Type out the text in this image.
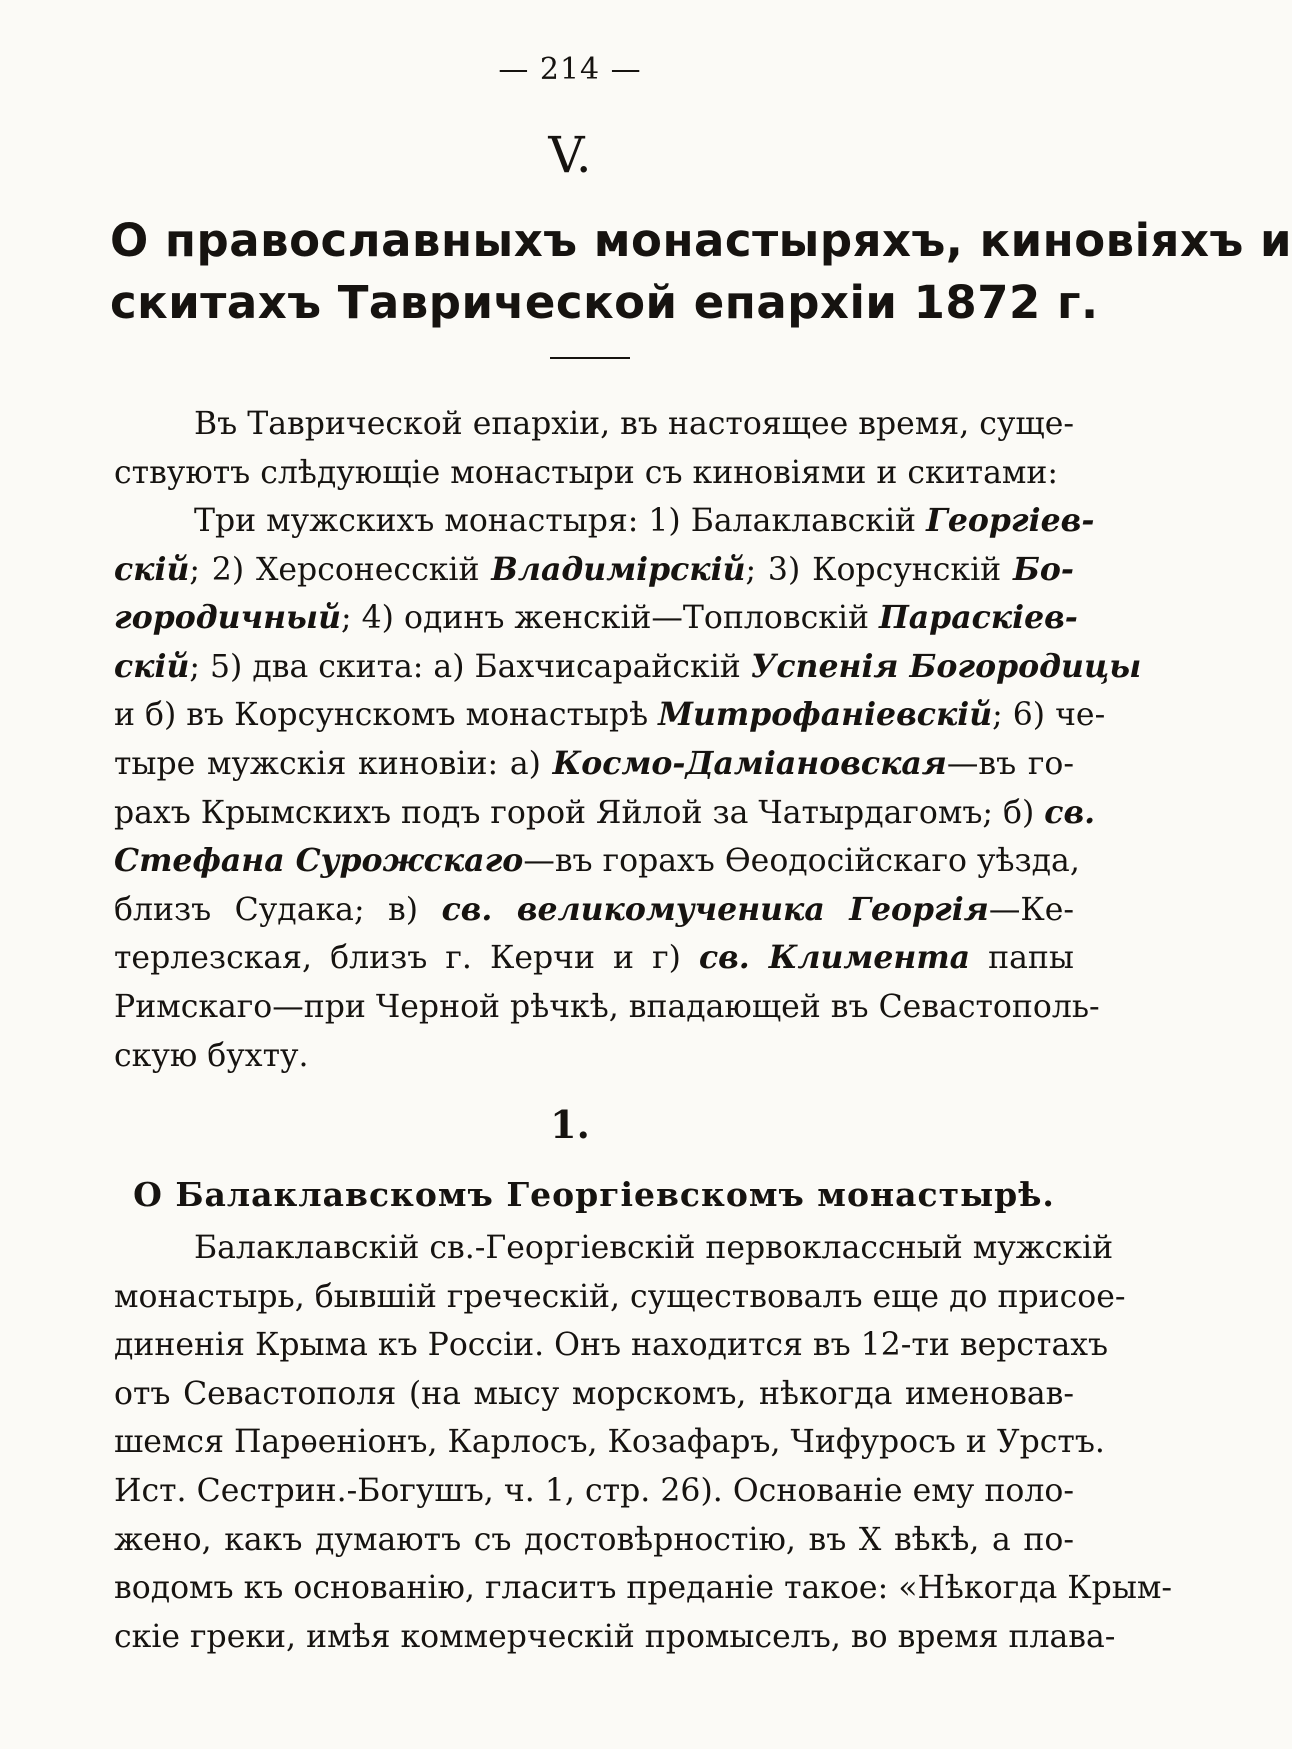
— 214 —
V.
О православныхъ монастыряхъ, киновіяхъ и
скитахъ Таврической епархіи 1872 г.
Въ Таврической епархіи, въ настоящее время, суще-
ствуютъ слѣдующіе монастыри съ киновіями и скитами:
Три мужскихъ монастыря: 1) Балаклавскій Георгіев-
скій; 2) Херсонесскій Владимірскій; 3) Корсунскій Бо-
городичный; 4) одинъ женскій—Топловскій Параскіев-
скій; 5) два скита: а) Бахчисарайскій Успенія Богородицы
и б) въ Корсунскомъ монастырѣ Митрофаніевскій; 6) че-
тыре мужскія киновіи: а) Космо-Даміановская—въ го-
рахъ Крымскихъ подъ горой Яйлой за Чатырдагомъ; б) св.
Стефана Сурожскаго—въ горахъ Ѳеодосійскаго уѣзда,
близъ Судака; в) св. великомученика Георгія—Ке-
терлезская, близъ г. Керчи и г) св. Климента папы
Римскаго—при Черной рѣчкѣ, впадающей въ Севастополь-
скую бухту.
1.
О Балаклавскомъ Георгіевскомъ монастырѣ.
Балаклавскій св.-Георгіевскій первоклассный мужскій
монастырь, бывшій греческій, существовалъ еще до присое-
диненія Крыма къ Россіи. Онъ находится въ 12-ти верстахъ
отъ Севастополя (на мысу морскомъ, нѣкогда именовав-
шемся Парѳеніонъ, Карлосъ, Козафаръ, Чифуросъ и Урстъ.
Ист. Сестрин.-Богушъ, ч. 1, стр. 26). Основаніе ему поло-
жено, какъ думаютъ съ достовѣрностію, въ X вѣкѣ, а по-
водомъ къ основанію, гласитъ преданіе такое: «Нѣкогда Крым-
скіе греки, имѣя коммерческій промыселъ, во время плава-
